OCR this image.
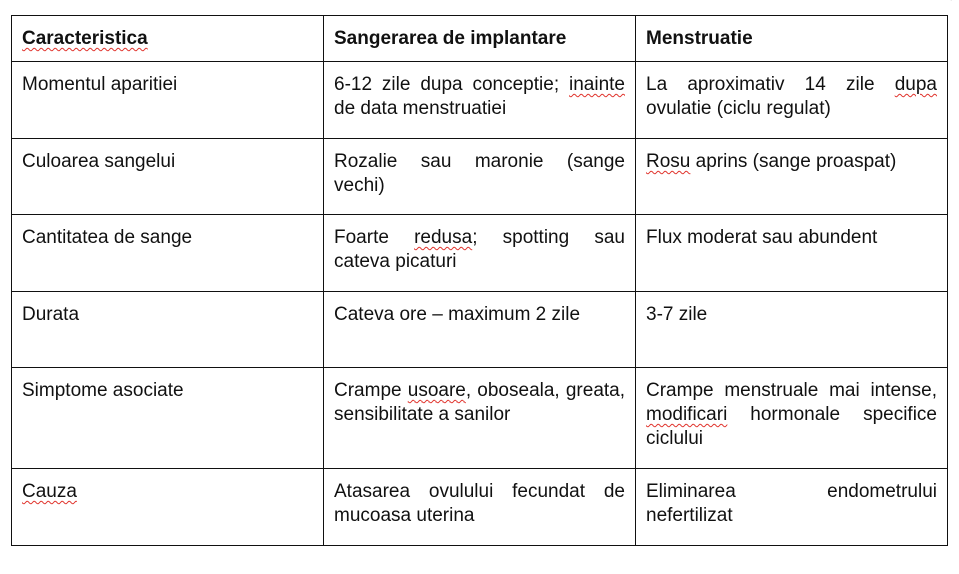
˙
Caracteristica	Sangerarea de implantare	Menstruatie
Momentul aparitiei	6-12 zile dupa conceptie; inainte de data menstruatiei	La aproximativ 14 zile dupa ovulatie (ciclu regulat)
Culoarea sangelui	Rozalie sau maronie (sange vechi)	Rosu aprins (sange proaspat)
Cantitatea de sange	Foarte redusa; spotting sau cateva picaturi	Flux moderat sau abundent
Durata	Cateva ore – maximum 2 zile	3-7 zile
Simptome asociate	Crampe usoare, oboseala, greata, sensibilitate a sanilor	Crampe menstruale mai intense, modificari hormonale specifice ciclului
Cauza	Atasarea ovulului fecundat de mucoasa uterina	Eliminarea endometrului nefertilizat
